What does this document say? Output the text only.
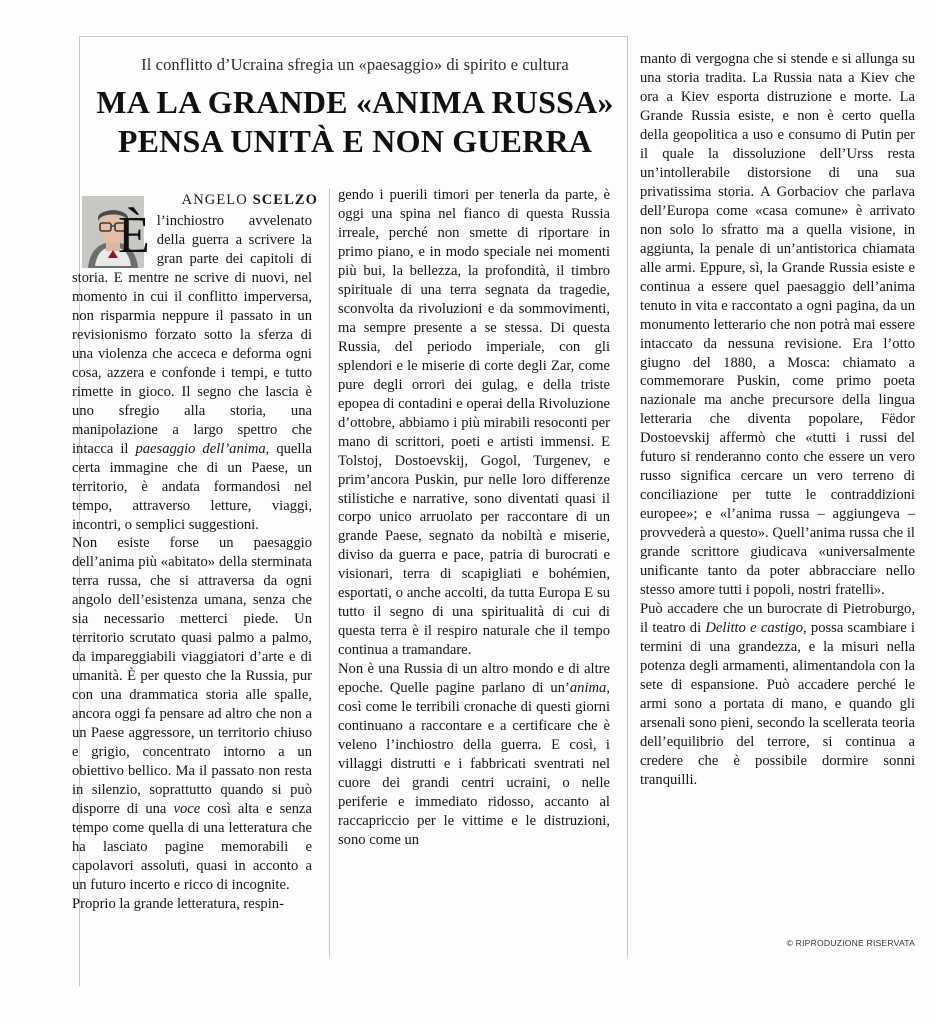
Il conflitto d’Ucraina sfregia un «paesaggio» di spirito e cultura
MA LA GRANDE «ANIMA RUSSA»
PENSA UNITÀ E NON GUERRA
ANGELO SCELZO

Èl’inchiostro avvelenato della guerra a scrivere la gran parte dei capitoli di storia. E mentre ne scrive di nuovi, nel momento in cui il conflitto imperversa, non risparmia neppure il passato in un revisionismo forzato sotto la sferza di una violenza che acceca e deforma ogni cosa, azzera e confonde i tempi, e tutto rimette in gioco. Il segno che lascia è uno sfregio alla storia, una manipolazione a largo spettro che intacca il paesaggio dell’anima, quella certa immagine che di un Paese, un territorio, è andata formandosi nel tempo, attraverso letture, viaggi, incontri, o semplici suggestioni.

Non esiste forse un paesaggio dell’anima più «abitato» della sterminata terra russa, che si attraversa da ogni angolo dell’esistenza umana, senza che sia necessario metterci piede. Un territorio scrutato quasi palmo a palmo, da impareggiabili viaggiatori d’arte e di umanità. È per questo che la Russia, pur con una drammatica storia alle spalle, ancora oggi fa pensare ad altro che non a un Paese aggressore, un territorio chiuso e grigio, concentrato intorno a un obiettivo bellico. Ma il passato non resta in silenzio, soprattutto quando si può disporre di una voce così alta e senza tempo come quella di una letteratura che ha lasciato pagine memorabili e capolavori assoluti, quasi in acconto a un futuro incerto e ricco di incognite.

Proprio la grande letteratura, respin-

gendo i puerili timori per tenerla da parte, è oggi una spina nel fianco di questa Russia irreale, perché non smette di riportare in primo piano, e in modo speciale nei momenti più bui, la bellezza, la profondità, il timbro spirituale di una terra segnata da tragedie, sconvolta da rivoluzioni e da sommovimenti, ma sempre presente a se stessa. Di questa Russia, del periodo imperiale, con gli splendori e le miserie di corte degli Zar, come pure degli orrori dei gulag, e della triste epopea di contadini e operai della Rivoluzione d’ottobre, abbiamo i più mirabili resoconti per mano di scrittori, poeti e artisti immensi. E Tolstoj, Dostoevskij, Gogol, Turgenev, e prim’ancora Puskin, pur nelle loro differenze stilistiche e narrative, sono diventati quasi il corpo unico arruolato per raccontare di un grande Paese, segnato da nobiltà e miserie, diviso da guerra e pace, patria di burocrati e visionari, terra di scapigliati e bohémien, esportati, o anche accolti, da tutta Europa E su tutto il segno di una spiritualità di cui di questa terra è il respiro naturale che il tempo continua a tramandare.

Non è una Russia di un altro mondo e di altre epoche. Quelle pagine parlano di un’anima, così come le terribili cronache di questi giorni continuano a raccontare e a certificare che è veleno l’inchiostro della guerra. E così, i villaggi distrutti e i fabbricati sventrati nel cuore dei grandi centri ucraini, o nelle periferie e immediato ridosso, accanto al raccapriccio per le vittime e le distruzioni, sono come un

manto di vergogna che si stende e si allunga su una storia tradita. La Russia nata a Kiev che ora a Kiev esporta distruzione e morte. La Grande Russia esiste, e non è certo quella della geopolitica a uso e consumo di Putin per il quale la dissoluzione dell’Urss resta un’intollerabile distorsione di una sua privatissima storia. A Gorbaciov che parlava dell’Europa come «casa comune» è arrivato non solo lo sfratto ma a quella visione, in aggiunta, la penale di un’antistorica chiamata alle armi. Eppure, sì, la Grande Russia esiste e continua a essere quel paesaggio dell’anima tenuto in vita e raccontato a ogni pagina, da un monumento letterario che non potrà mai essere intaccato da nessuna revisione. Era l’otto giugno del 1880, a Mosca: chiamato a commemorare Puskin, come primo poeta nazionale ma anche precursore della lingua letteraria che diventa popolare, Fëdor Dostoevskij affermò che «tutti i russi del futuro si renderanno conto che essere un vero russo significa cercare un vero terreno di conciliazione per tutte le contraddizioni europee»; e «l’anima russa – aggiungeva – provvederà a questo». Quell’anima russa che il grande scrittore giudicava «universalmente unificante tanto da poter abbracciare nello stesso amore tutti i popoli, nostri fratelli».

Può accadere che un burocrate di Pietroburgo, il teatro di Delitto e castigo, possa scambiare i termini di una grandezza, e la misuri nella potenza degli armamenti, alimentandola con la sete di espansione. Può accadere perché le armi sono a portata di mano, e quando gli arsenali sono pieni, secondo la scellerata teoria dell’equilibrio del terrore, si continua a credere che è possibile dormire sonni tranquilli.

© RIPRODUZIONE RISERVATA
